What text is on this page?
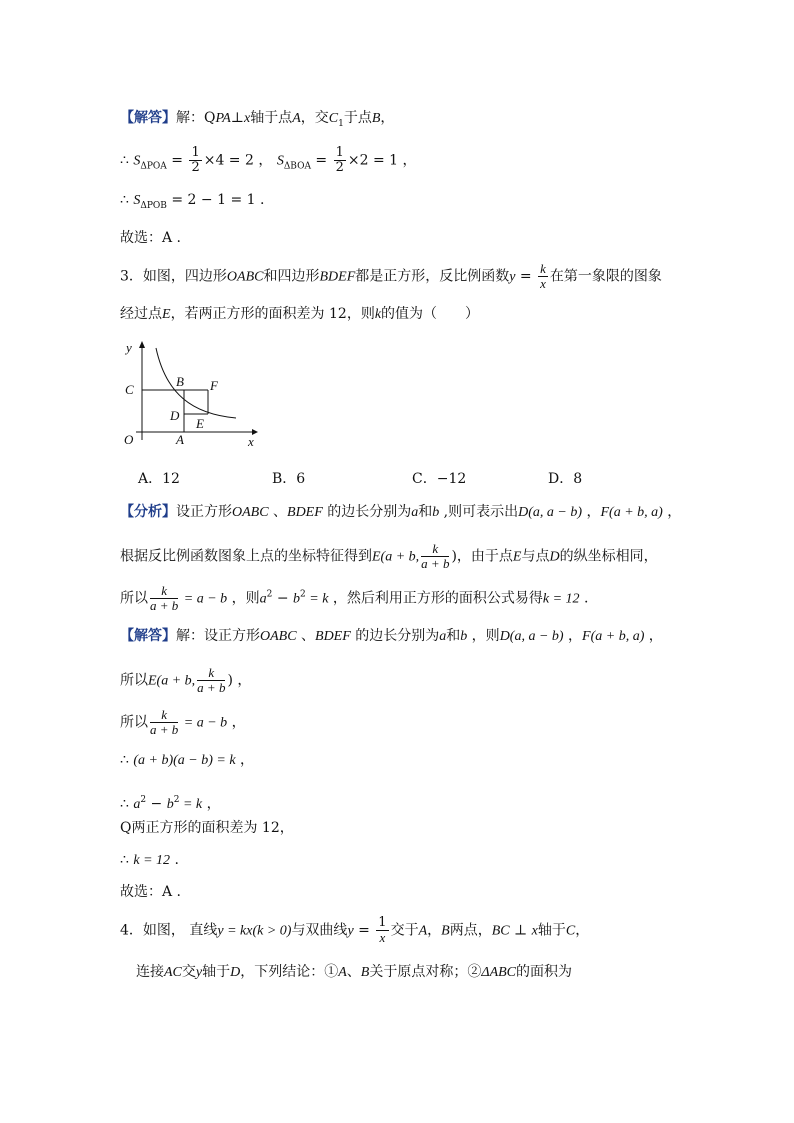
【解答】解：QPA⊥x轴于点A，交$C_1$于点B，
∴ $S_{\Delta POA} = \frac{1}{2} \times 4 = 2$ ， $S_{\Delta BOA} = \frac{1}{2} \times 2 = 1$ ，
∴ $S_{\Delta POB} = 2 - 1 = 1$ .
故选：A .
3．如图，四边形OABC和四边形BDEF都是正方形，反比例函数$y = \frac{k}{x}$ 在第一象限的图象
经过点E，若两正方形的面积差为 12，则k的值为（　　）
y
x
O
C
B F
D
E
A
A．12	B．6	C．−12	D．8
【分析】设正方形OABC 、BDEF 的边长分别为a和b ,则可表示出D(a, a − b) ，F(a + b, a) ，
根据反比例函数图象上点的坐标特征得到E(a + b, $\frac{k}{a + b}$ )，由于点E与点D的纵坐标相同，
所以 $\frac{k}{a + b} = a - b$ ，则$a^2 - b^2 = k$ ，然后利用正方形的面积公式易得k = 12 .
【解答】解：设正方形OABC 、BDEF 的边长分别为a和b ，则D(a, a − b) ，F(a + b, a) ，
所以E(a + b, $\frac{k}{a + b}$ ) ，
所以 $\frac{k}{a + b} = a - b$ ，
∴ (a + b)(a − b) = k ，
∴ $a^2 - b^2 = k$ ，
Q两正方形的面积差为 12，
∴ k = 12 .
故选：A .
4．如图， 直线y = kx(k > 0)与双曲线$y = \frac{1}{x}$ 交于A，B两点，BC ⊥ x轴于C，
连接AC交y轴于D，下列结论：①A、B关于原点对称；②ΔABC的面积为
